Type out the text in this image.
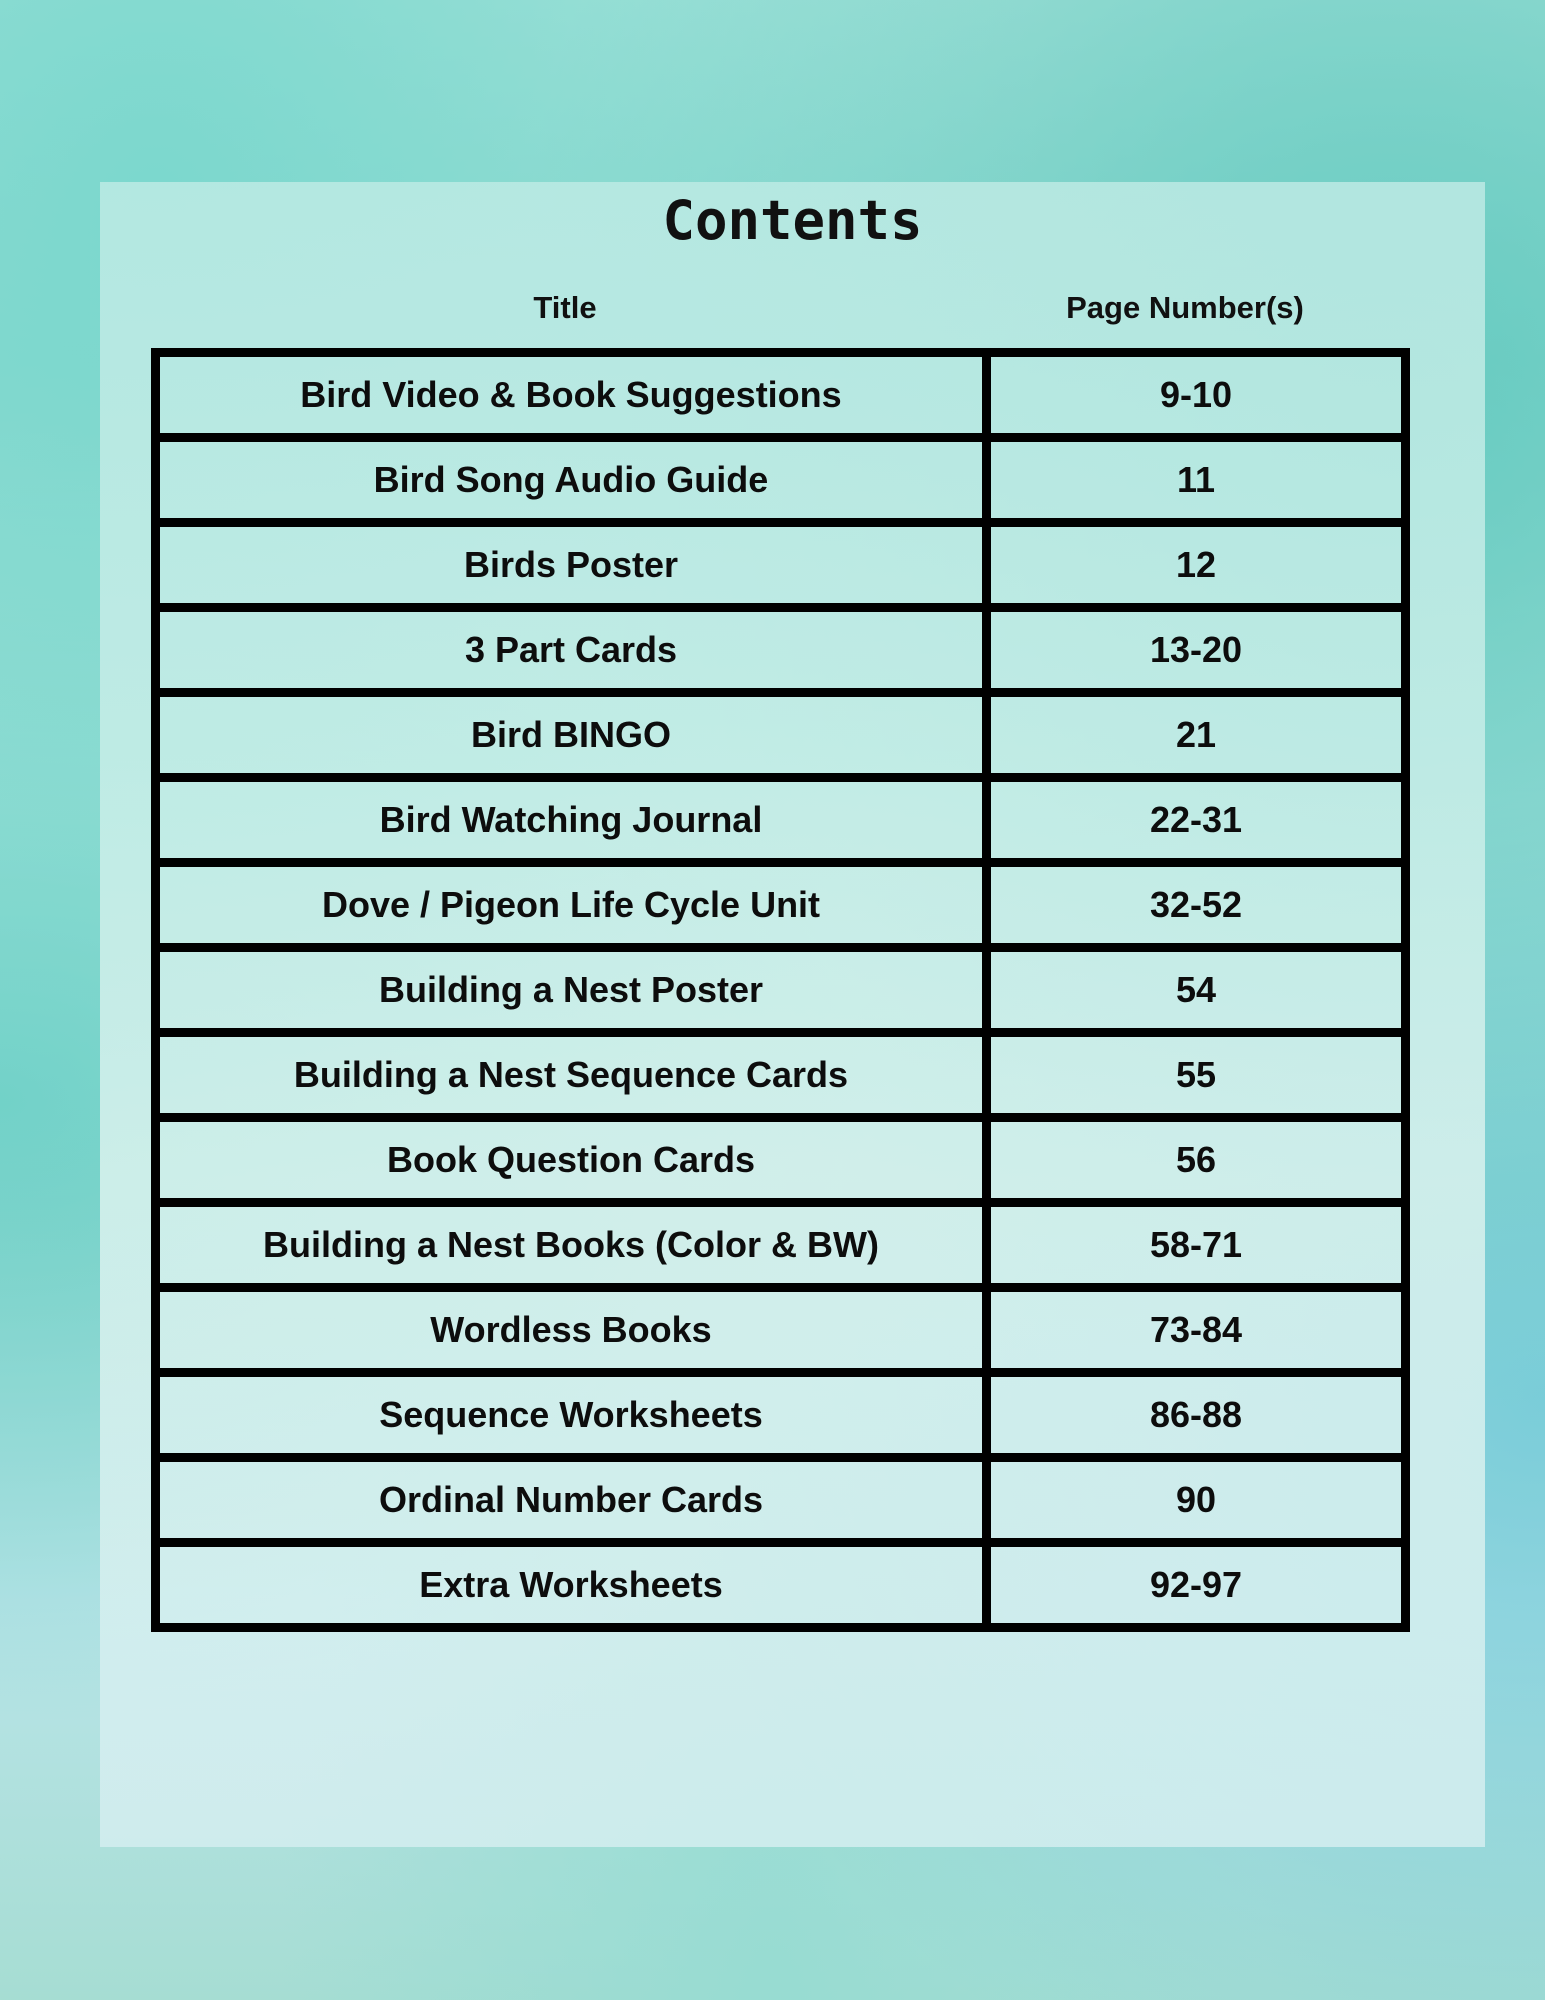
Contents
Title	Page Number(s)
Bird Video & Book Suggestions	9-10
Bird Song Audio Guide	11
Birds Poster	12
3 Part Cards	13-20
Bird BINGO	21
Bird Watching Journal	22-31
Dove / Pigeon Life Cycle Unit	32-52
Building a Nest Poster	54
Building a Nest Sequence Cards	55
Book Question Cards	56
Building a Nest Books (Color & BW)	58-71
Wordless Books	73-84
Sequence Worksheets	86-88
Ordinal Number Cards	90
Extra Worksheets	92-97
